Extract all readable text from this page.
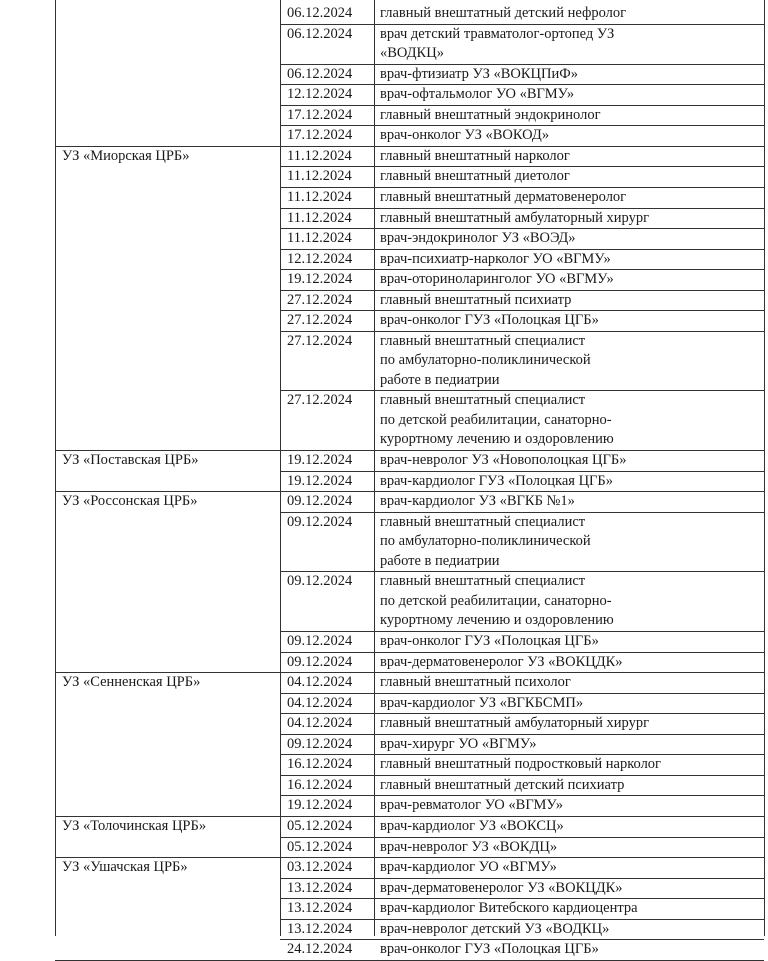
06.12.2024 главный внештатный детский нефролог
06.12.2024 врач детский травматолог-ортопед УЗ
«ВОДКЦ»
06.12.2024 врач-фтизиатр УЗ «ВОКЦПиФ»
12.12.2024 врач-офтальмолог УО «ВГМУ»
17.12.2024 главный внештатный эндокринолог
17.12.2024 врач-онколог УЗ «ВОКОД»
УЗ «Миорская ЦРБ»	11.12.2024 главный внештатный нарколог
11.12.2024 главный внештатный диетолог
11.12.2024 главный внештатный дерматовенеролог
11.12.2024 главный внештатный амбулаторный хирург
11.12.2024 врач-эндокринолог УЗ «ВОЭД»
12.12.2024 врач-психиатр-нарколог УО «ВГМУ»
19.12.2024 врач-оториноларинголог УО «ВГМУ»
27.12.2024 главный внештатный психиатр
27.12.2024 врач-онколог ГУЗ «Полоцкая ЦГБ»
27.12.2024 главный внештатный специалист
по амбулаторно-поликлинической
работе в педиатрии
27.12.2024 главный внештатный специалист
по детской реабилитации, санаторно-
курортному лечению и оздоровлению
УЗ «Поставская ЦРБ»	19.12.2024 врач-невролог УЗ «Новополоцкая ЦГБ»
19.12.2024 врач-кардиолог ГУЗ «Полоцкая ЦГБ»
УЗ «Россонская ЦРБ»	09.12.2024 врач-кардиолог УЗ «ВГКБ №1»
09.12.2024 главный внештатный специалист
по амбулаторно-поликлинической
работе в педиатрии
09.12.2024 главный внештатный специалист
по детской реабилитации, санаторно-
курортному лечению и оздоровлению
09.12.2024 врач-онколог ГУЗ «Полоцкая ЦГБ»
09.12.2024 врач-дерматовенеролог УЗ «ВОКЦДК»
УЗ «Сенненская ЦРБ»	04.12.2024 главный внештатный психолог
04.12.2024 врач-кардиолог УЗ «ВГКБСМП»
04.12.2024 главный внештатный амбулаторный хирург
09.12.2024 врач-хирург УО «ВГМУ»
16.12.2024 главный внештатный подростковый нарколог
16.12.2024 главный внештатный детский психиатр
19.12.2024 врач-ревматолог УО «ВГМУ»
УЗ «Толочинская ЦРБ»	05.12.2024 врач-кардиолог УЗ «ВОКСЦ»
05.12.2024 врач-невролог УЗ «ВОКДЦ»
УЗ «Ушачская ЦРБ»	03.12.2024 врач-кардиолог УО «ВГМУ»
13.12.2024 врач-дерматовенеролог УЗ «ВОКЦДК»
13.12.2024 врач-кардиолог Витебского кардиоцентра
13.12.2024 врач-невролог детский УЗ «ВОДКЦ»
24.12.2024 врач-онколог ГУЗ «Полоцкая ЦГБ»
